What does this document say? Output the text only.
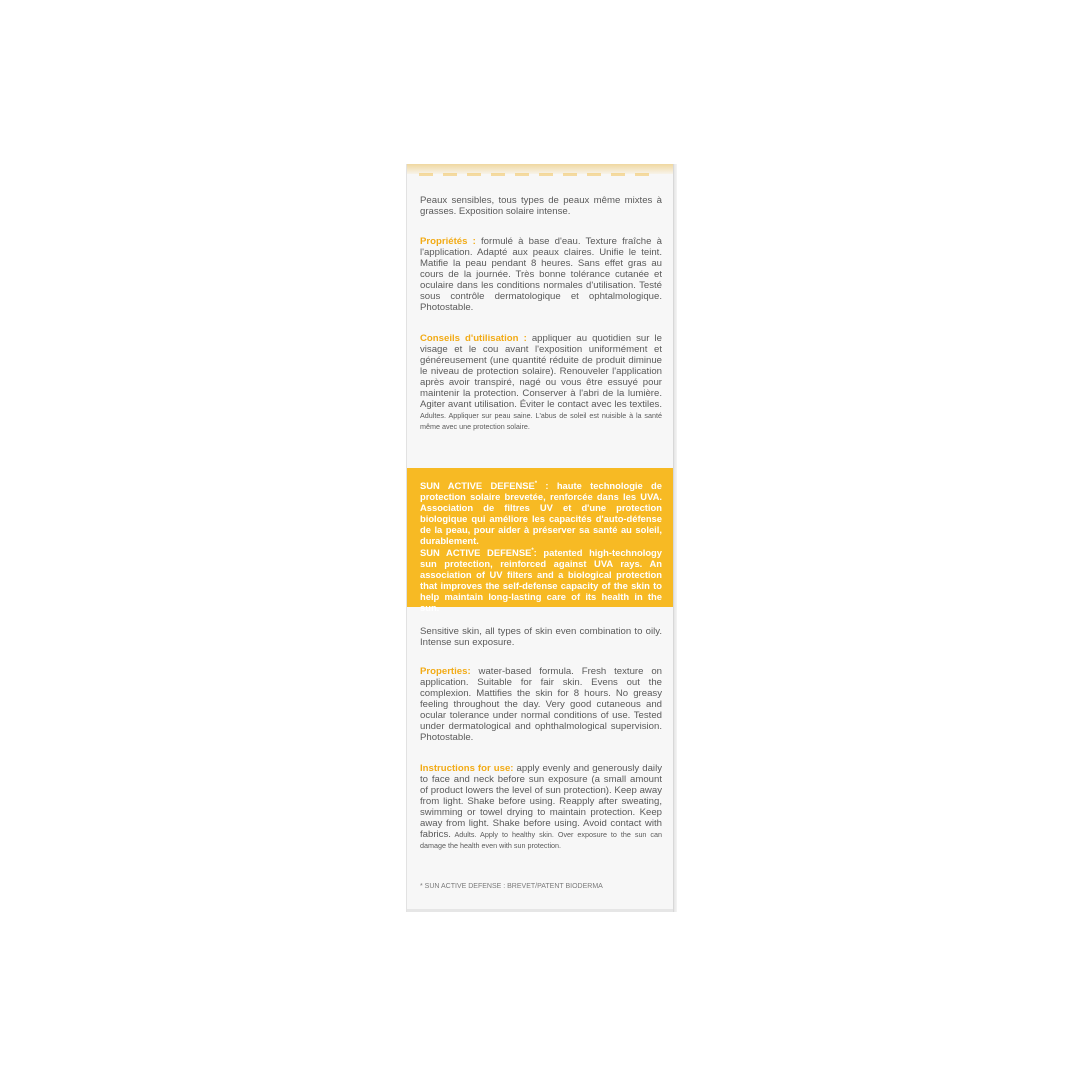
Peaux sensibles, tous types de peaux même mixtes à grasses. Exposition solaire intense.
Propriétés : formulé à base d'eau. Texture fraîche à l'application. Adapté aux peaux claires. Unifie le teint. Matifie la peau pendant 8 heures. Sans effet gras au cours de la journée. Très bonne tolérance cutanée et oculaire dans les conditions normales d'utilisation. Testé sous contrôle dermatologique et ophtalmologique. Photostable.
Conseils d'utilisation : appliquer au quotidien sur le visage et le cou avant l'exposition uniformément et généreusement (une quantité réduite de produit diminue le niveau de protection solaire). Renouveler l'application après avoir transpiré, nagé ou vous être essuyé pour maintenir la protection. Conserver à l'abri de la lumière. Agiter avant utilisation. Éviter le contact avec les textiles. Adultes. Appliquer sur peau saine. L'abus de soleil est nuisible à la santé même avec une protection solaire.
SUN ACTIVE DEFENSE* : haute technologie de protection solaire brevetée, renforcée dans les UVA. Association de filtres UV et d'une protection biologique qui améliore les capacités d'auto-défense de la peau, pour aider à préserver sa santé au soleil, durablement.
SUN ACTIVE DEFENSE*: patented high-technology sun protection, reinforced against UVA rays. An association of UV filters and a biological protection that improves the self-defense capacity of the skin to help maintain long-lasting care of its health in the sun.
Sensitive skin, all types of skin even combination to oily. Intense sun exposure.
Properties: water-based formula. Fresh texture on application. Suitable for fair skin. Evens out the complexion. Mattifies the skin for 8 hours. No greasy feeling throughout the day. Very good cutaneous and ocular tolerance under normal conditions of use. Tested under dermatological and ophthalmological supervision. Photostable.
Instructions for use: apply evenly and generously daily to face and neck before sun exposure (a small amount of product lowers the level of sun protection). Keep away from light. Shake before using. Reapply after sweating, swimming or towel drying to maintain protection. Keep away from light. Shake before using. Avoid contact with fabrics. Adults. Apply to healthy skin. Over exposure to the sun can damage the health even with sun protection.
* SUN ACTIVE DEFENSE : BREVET/PATENT BIODERMA
